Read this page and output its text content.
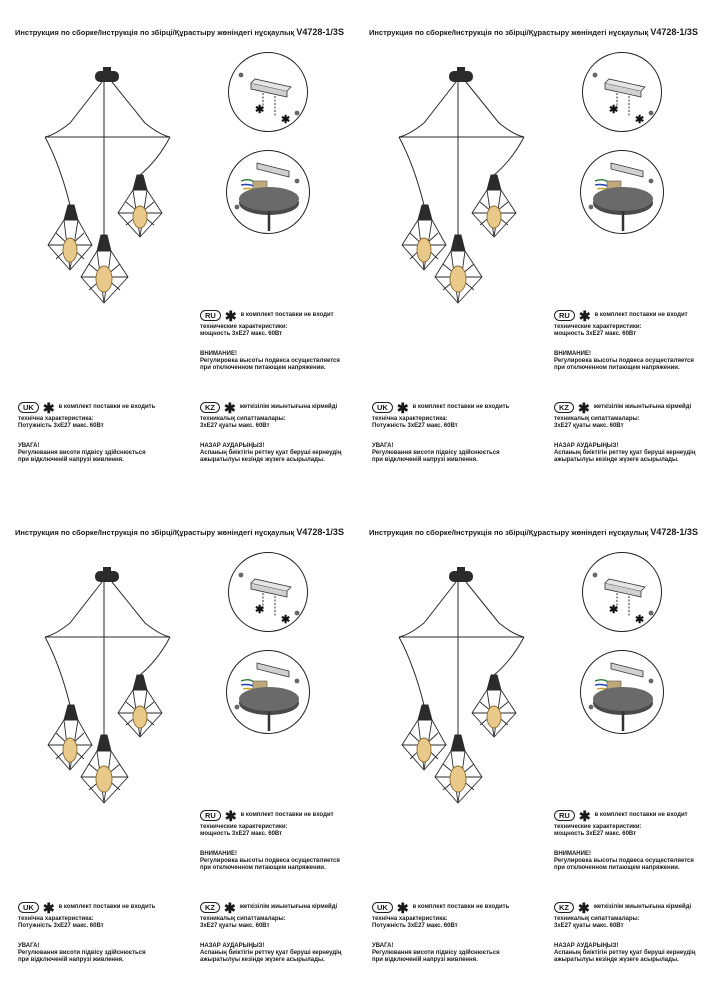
Инструкция по сборке/Інструкція по збірці/Құрастыру жөніндегі нұсқаулық V4728-1/3S
✱
✱
RU ✱ в комплект поставки не входит
технические характеристики:
мощность 3хЕ27 макс. 60Вт
ВНИМАНИЕ!
Регулировка высоты подвеса осуществляется
при отключенном питающем напряжении.
UK ✱ в комплект поставки не входить
технічна характеристика:
Потужність 3хЕ27 макс. 60Вт
УВАГА!
Регулювання висоти підвісу здійснюється
при відключеній напрузі живлення.
KZ ✱ жеткізілім жиынтығына кірмейді
техникалық сипаттамалары:
3хЕ27 қуаты макс. 60Вт
НАЗАР АУДАРЫҢЫЗ!
Аспаның биіктігін реттеу қуат беруші кернеудің
ажыратылуы кезінде жүзеге асырылады.
Инструкция по сборке/Інструкція по збірці/Құрастыру жөніндегі нұсқаулық V4728-1/3S
✱
✱
RU ✱ в комплект поставки не входит
технические характеристики:
мощность 3хЕ27 макс. 60Вт
ВНИМАНИЕ!
Регулировка высоты подвеса осуществляется
при отключенном питающем напряжении.
UK ✱ в комплект поставки не входить
технічна характеристика:
Потужність 3хЕ27 макс. 60Вт
УВАГА!
Регулювання висоти підвісу здійснюється
при відключеній напрузі живлення.
KZ ✱ жеткізілім жиынтығына кірмейді
техникалық сипаттамалары:
3хЕ27 қуаты макс. 60Вт
НАЗАР АУДАРЫҢЫЗ!
Аспаның биіктігін реттеу қуат беруші кернеудің
ажыратылуы кезінде жүзеге асырылады.
Инструкция по сборке/Інструкція по збірці/Құрастыру жөніндегі нұсқаулық V4728-1/3S
✱
✱
RU ✱ в комплект поставки не входит
технические характеристики:
мощность 3хЕ27 макс. 60Вт
ВНИМАНИЕ!
Регулировка высоты подвеса осуществляется
при отключенном питающем напряжении.
UK ✱ в комплект поставки не входить
технічна характеристика:
Потужність 3хЕ27 макс. 60Вт
УВАГА!
Регулювання висоти підвісу здійснюється
при відключеній напрузі живлення.
KZ ✱ жеткізілім жиынтығына кірмейді
техникалық сипаттамалары:
3хЕ27 қуаты макс. 60Вт
НАЗАР АУДАРЫҢЫЗ!
Аспаның биіктігін реттеу қуат беруші кернеудің
ажыратылуы кезінде жүзеге асырылады.
Инструкция по сборке/Інструкція по збірці/Құрастыру жөніндегі нұсқаулық V4728-1/3S
✱
✱
RU ✱ в комплект поставки не входит
технические характеристики:
мощность 3хЕ27 макс. 60Вт
ВНИМАНИЕ!
Регулировка высоты подвеса осуществляется
при отключенном питающем напряжении.
UK ✱ в комплект поставки не входить
технічна характеристика:
Потужність 3хЕ27 макс. 60Вт
УВАГА!
Регулювання висоти підвісу здійснюється
при відключеній напрузі живлення.
KZ ✱ жеткізілім жиынтығына кірмейді
техникалық сипаттамалары:
3хЕ27 қуаты макс. 60Вт
НАЗАР АУДАРЫҢЫЗ!
Аспаның биіктігін реттеу қуат беруші кернеудің
ажыратылуы кезінде жүзеге асырылады.
